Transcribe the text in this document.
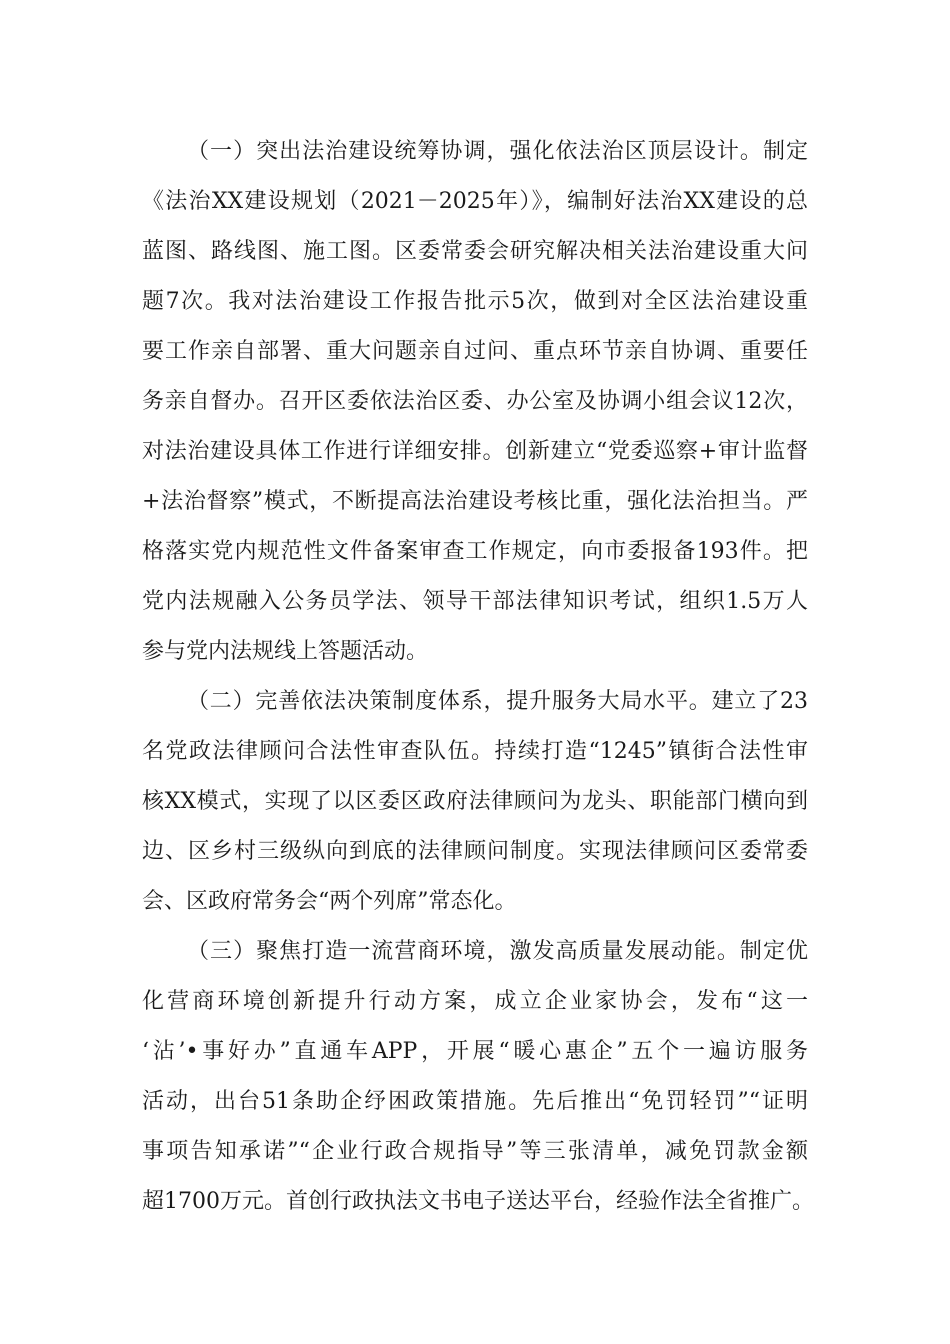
（一）突出法治建设统筹协调，强化依法治区顶层设计。制定
《法治XX建设规划（2021－2025年）》，编制好法治XX建设的总
蓝图、路线图、施工图。区委常委会研究解决相关法治建设重大问
题7次。我对法治建设工作报告批示5次，做到对全区法治建设重
要工作亲自部署、重大问题亲自过问、重点环节亲自协调、重要任
务亲自督办。召开区委依法治区委、办公室及协调小组会议12次，
对法治建设具体工作进行详细安排。创新建立“党委巡察+审计监督
+法治督察”模式，不断提高法治建设考核比重，强化法治担当。严
格落实党内规范性文件备案审查工作规定，向市委报备193件。把
党内法规融入公务员学法、领导干部法律知识考试，组织1.5万人
参与党内法规线上答题活动。
（二）完善依法决策制度体系，提升服务大局水平。建立了23
名党政法律顾问合法性审查队伍。持续打造“1245”镇街合法性审
核XX模式，实现了以区委区政府法律顾问为龙头、职能部门横向到
边、区乡村三级纵向到底的法律顾问制度。实现法律顾问区委常委
会、区政府常务会“两个列席”常态化。
（三）聚焦打造一流营商环境，激发高质量发展动能。制定优
化营商环境创新提升行动方案，成立企业家协会，发布“这一
‘沾’•事好办”直通车APP，开展“暖心惠企”五个一遍访服务
活动，出台51条助企纾困政策措施。先后推出“免罚轻罚”“证明
事项告知承诺”“企业行政合规指导”等三张清单，减免罚款金额
超1700万元。首创行政执法文书电子送达平台，经验作法全省推广。
